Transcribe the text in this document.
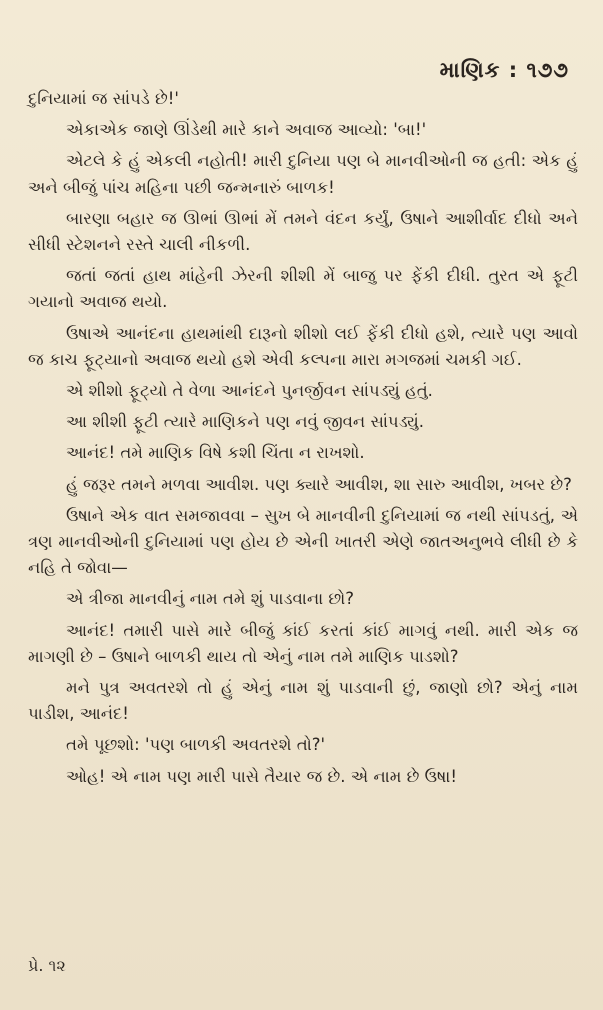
માણિક : ૧૭૭

દુનિયામાં જ સાંપડે છે!'

એકાએક જાણે ઊંડેથી મારે કાને અવાજ આવ્યો: 'બા!'

એટલે કે હું એકલી નહોતી! મારી દુનિયા પણ બે માનવીઓની જ હતી: એક હું અને બીજું પાંચ મહિના પછી જન્મનારું બાળક!

બારણા બહાર જ ઊભાં ઊભાં મેં તમને વંદન કર્યું, ઉષાને આશીર્વાદ દીધો અને સીધી સ્ટેશનને રસ્તે ચાલી નીકળી.

જતાં જતાં હાથ માંહેની ઝેરની શીશી મેં બાજુ પર ફેંકી દીધી. તુરત એ ફૂટી ગયાનો અવાજ થયો.

ઉષાએ આનંદના હાથમાંથી દારૂનો શીશો લઈ ફેંકી દીધો હશે, ત્યારે પણ આવો જ કાચ ફૂટ્યાનો અવાજ થયો હશે એવી કલ્પના મારા મગજમાં ચમકી ગઈ.

એ શીશો ફૂટ્યો તે વેળા આનંદને પુનર્જીવન સાંપડ્યું હતું.

આ શીશી ફૂટી ત્યારે માણિકને પણ નવું જીવન સાંપડ્યું.

આનંદ! તમે માણિક વિષે કશી ચિંતા ન રાખશો.

હું જરૂર તમને મળવા આવીશ. પણ ક્યારે આવીશ, શા સારુ આવીશ, ખબર છે?

ઉષાને એક વાત સમજાવવા – સુખ બે માનવીની દુનિયામાં જ નથી સાંપડતું, એ ત્રણ માનવીઓની દુનિયામાં પણ હોય છે એની ખાતરી એણે જાતઅનુભવે લીધી છે કે નહિ તે જોવા—

એ ત્રીજા માનવીનું નામ તમે શું પાડવાના છો?

આનંદ! તમારી પાસે મારે બીજું કાંઈ કરતાં કાંઈ માગવું નથી. મારી એક જ માગણી છે – ઉષાને બાળકી થાય તો એનું નામ તમે માણિક પાડશો?

મને પુત્ર અવતરશે તો હું એનું નામ શું પાડવાની છું, જાણો છો? એનું નામ પાડીશ, આનંદ!

તમે પૂછશો: 'પણ બાળકી અવતરશે તો?'

ઓહ! એ નામ પણ મારી પાસે તૈયાર જ છે. એ નામ છે ઉષા!

પ્રે. ૧૨
